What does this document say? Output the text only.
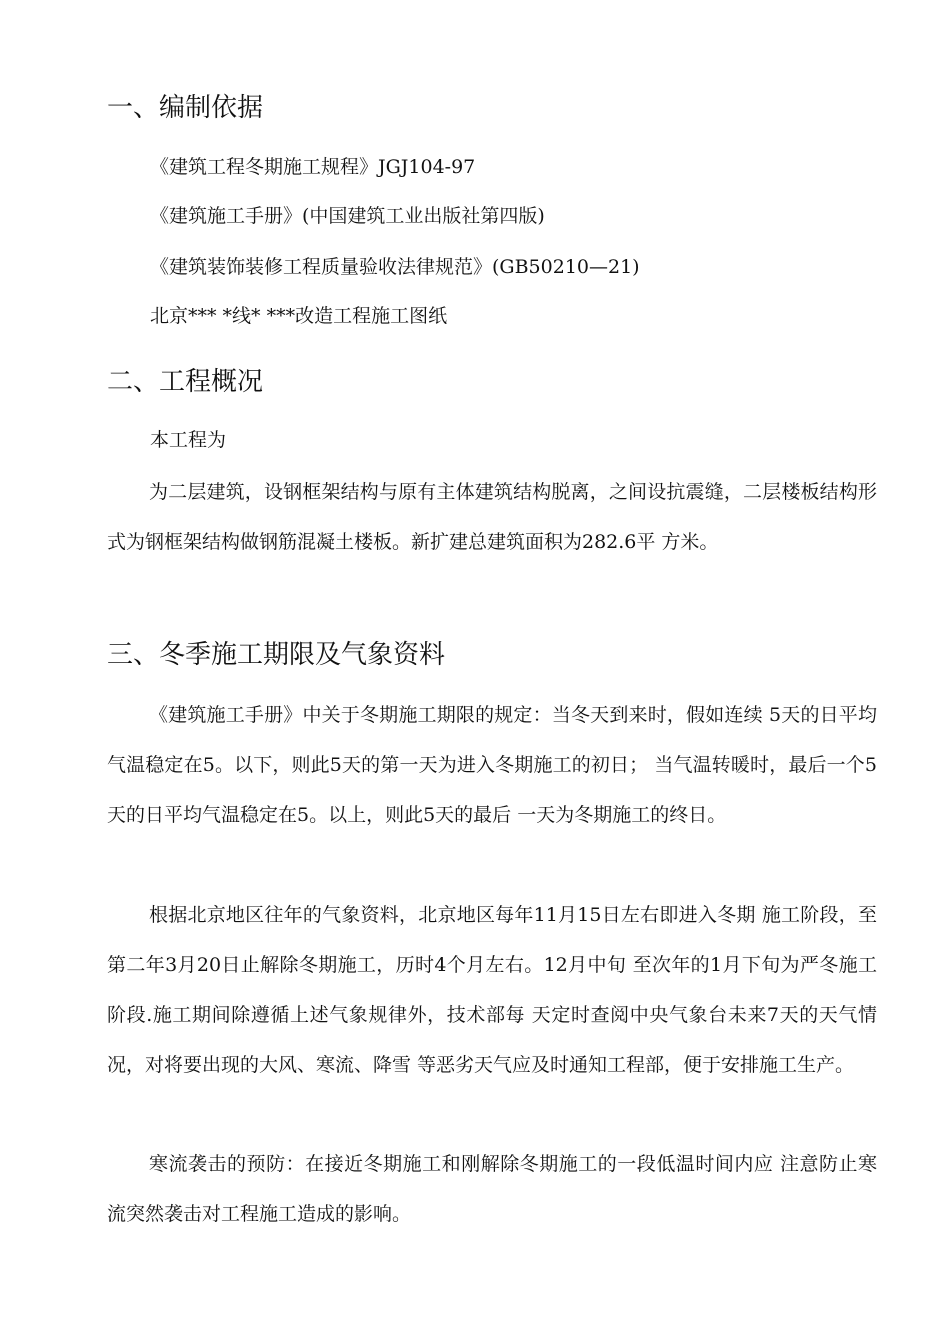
一、编制依据

《建筑工程冬期施工规程》JGJ104-97

《建筑施工手册》(中国建筑工业出版社第四版)

《建筑装饰装修工程质量验收法律规范》(GB50210—21)

北京*** *线* ***改造工程施工图纸

二、工程概况

本工程为

为二层建筑，设钢框架结构与原有主体建筑结构脱离，之间设抗震缝，二层楼板结构形式为钢框架结构做钢筋混凝土楼板。新扩建总建筑面积为282.6平 方米。

三、冬季施工期限及气象资料

《建筑施工手册》中关于冬期施工期限的规定：当冬天到来时，假如连续 5天的日平均气温稳定在5。以下，则此5天的第一天为进入冬期施工的初日； 当气温转暖时，最后一个5天的日平均气温稳定在5。以上，则此5天的最后 一天为冬期施工的终日。

根据北京地区往年的气象资料，北京地区每年11月15日左右即进入冬期 施工阶段，至第二年3月20日止解除冬期施工，历时4个月左右。12月中旬 至次年的1月下旬为严冬施工阶段.施工期间除遵循上述气象规律外，技术部每 天定时查阅中央气象台未来7天的天气情况，对将要出现的大风、寒流、降雪 等恶劣天气应及时通知工程部，便于安排施工生产。

寒流袭击的预防：在接近冬期施工和刚解除冬期施工的一段低温时间内应 注意防止寒流突然袭击对工程施工造成的影响。
